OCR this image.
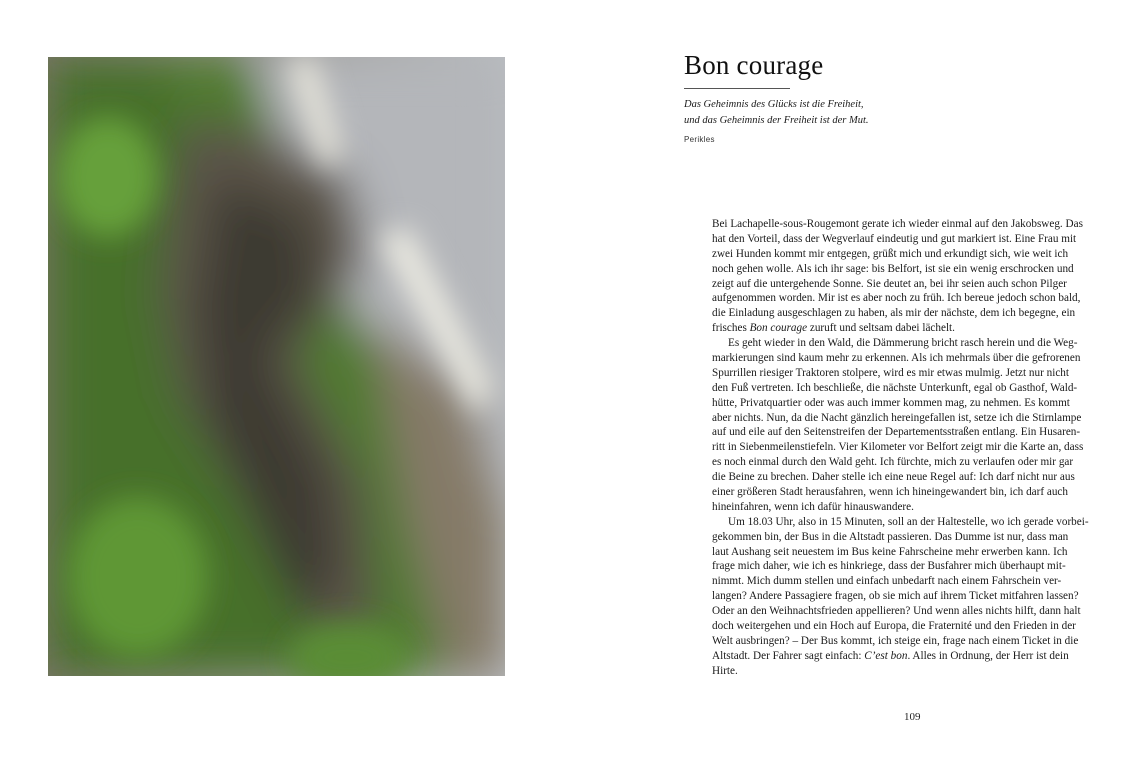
Bon courage
Das Geheimnis des Glücks ist die Freiheit,
und das Geheimnis der Freiheit ist der Mut.
Perikles
Bei Lachapelle-sous-Rougemont gerate ich wieder einmal auf den Jakobsweg. Das
hat den Vorteil, dass der Wegverlauf eindeutig und gut markiert ist. Eine Frau mit
zwei Hunden kommt mir entgegen, grüßt mich und erkundigt sich, wie weit ich
noch gehen wolle. Als ich ihr sage: bis Belfort, ist sie ein wenig erschrocken und
zeigt auf die untergehende Sonne. Sie deutet an, bei ihr seien auch schon Pilger
aufgenommen worden. Mir ist es aber noch zu früh. Ich bereue jedoch schon bald,
die Einladung ausgeschlagen zu haben, als mir der nächste, dem ich begegne, ein
frisches Bon courage zuruft und seltsam dabei lächelt.
Es geht wieder in den Wald, die Dämmerung bricht rasch herein und die Weg-
markierungen sind kaum mehr zu erkennen. Als ich mehrmals über die gefrorenen
Spurrillen riesiger Traktoren stolpere, wird es mir etwas mulmig. Jetzt nur nicht
den Fuß vertreten. Ich beschließe, die nächste Unterkunft, egal ob Gasthof, Wald-
hütte, Privatquartier oder was auch immer kommen mag, zu nehmen. Es kommt
aber nichts. Nun, da die Nacht gänzlich hereingefallen ist, setze ich die Stirnlampe
auf und eile auf den Seitenstreifen der Departementsstraßen entlang. Ein Husaren-
ritt in Siebenmeilenstiefeln. Vier Kilometer vor Belfort zeigt mir die Karte an, dass
es noch einmal durch den Wald geht. Ich fürchte, mich zu verlaufen oder mir gar
die Beine zu brechen. Daher stelle ich eine neue Regel auf: Ich darf nicht nur aus
einer größeren Stadt herausfahren, wenn ich hineingewandert bin, ich darf auch
hineinfahren, wenn ich dafür hinauswandere.
Um 18.03 Uhr, also in 15 Minuten, soll an der Haltestelle, wo ich gerade vorbei-
gekommen bin, der Bus in die Altstadt passieren. Das Dumme ist nur, dass man
laut Aushang seit neuestem im Bus keine Fahrscheine mehr erwerben kann. Ich
frage mich daher, wie ich es hinkriege, dass der Busfahrer mich überhaupt mit-
nimmt. Mich dumm stellen und einfach unbedarft nach einem Fahrschein ver-
langen? Andere Passagiere fragen, ob sie mich auf ihrem Ticket mitfahren lassen?
Oder an den Weihnachtsfrieden appellieren? Und wenn alles nichts hilft, dann halt
doch weitergehen und ein Hoch auf Europa, die Fraternité und den Frieden in der
Welt ausbringen? – Der Bus kommt, ich steige ein, frage nach einem Ticket in die
Altstadt. Der Fahrer sagt einfach: C’est bon. Alles in Ordnung, der Herr ist dein
Hirte.
109
